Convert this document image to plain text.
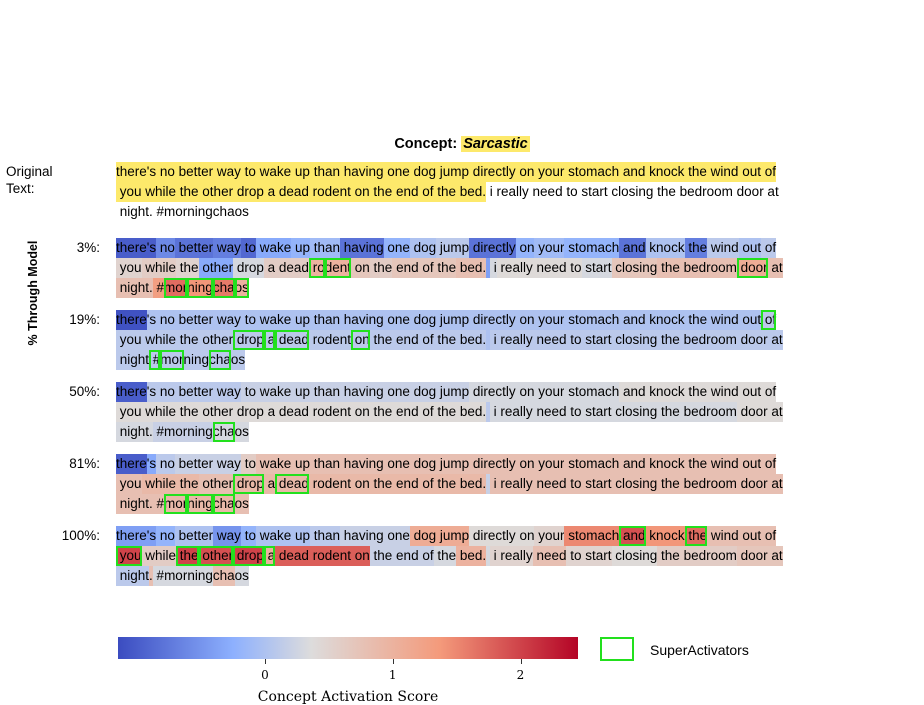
Concept: Sarcastic
Original Text:
there's no better way to wake up than having one dog jump directly on your stomach and knock the wind out of
you while the other drop a dead rodent on the end of the bed. i really need to start closing the bedroom door at
night. #morningchaos
% Through Model	3%: there's no better way to wake up than having one dog jump directly on your stomach and knock the wind out of
you while the other drop a dead ro dent on the end of the bed.
i really need to start closing the bedroom door at
night. # mor ning cha os
19%: there 's no better way to wake up than having one dog jump directly on your stomach and knock the wind out of
you while the other drop a dead rodent on the end of the bed.
i really need to start closing the bedroom door at
night # mor ning cha os
50%: there 's no better way to wake up than having one dog jump directly on your stomach and knock the wind out of
you while the other drop a dead rodent on the end of the bed.
i really need to start closing the bedroom door at
night. # morning cha os
81%: there 's no better way to wake up than having one dog jump directly on your stomach and knock the wind out of
you while the other drop a dead rodent on the end of the bed.
i really need to start closing the bedroom door at
night. # mor ning cha os
100%: there's no better way to wake up than having one dog jump directly on your stomach and knock the wind out of
you while the other drop a dead rodent on the end of the bed.
i really need to start closing the bedroom door at
night . # mor ning cha os
0	1	2
Concept Activation Score
SuperActivators
